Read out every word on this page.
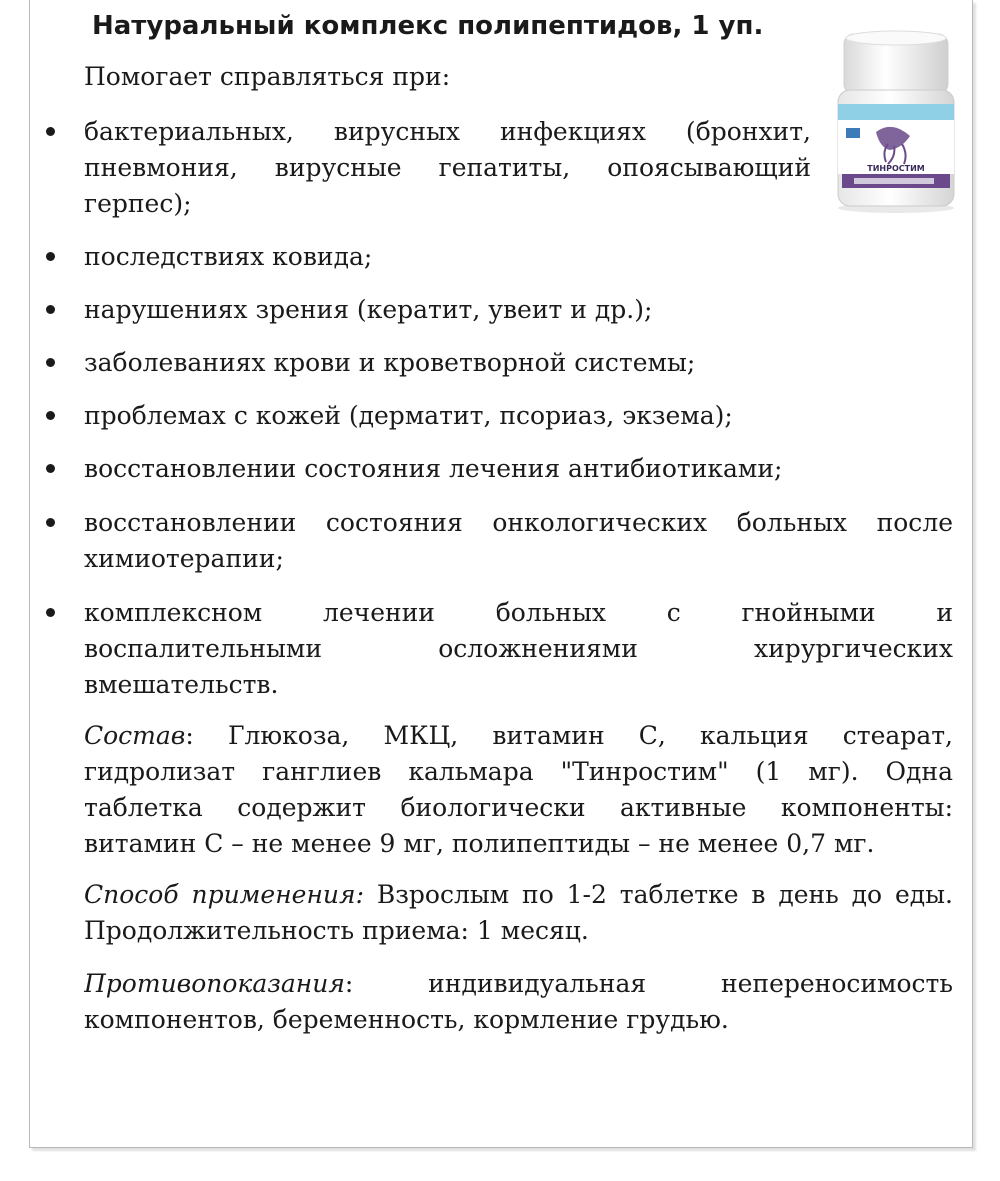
Натуральный комплекс полипептидов, 1 уп.
ТИНРОСТИМ
Помогает справляться при:
бактериальных, вирусных инфекциях (бронхит,
пневмония, вирусные гепатиты, опоясывающий
герпес);
последствиях ковида;
нарушениях зрения (кератит, увеит и др.);
заболеваниях крови и кроветворной системы;
проблемах с кожей (дерматит, псориаз, экзема);
восстановлении состояния лечения антибиотиками;
восстановлении состояния онкологических больных после
химиотерапии;
комплексном лечении больных с гнойными и
воспалительными осложнениями хирургических
вмешательств.
Состав: Глюкоза, МКЦ, витамин С, кальция стеарат,
гидролизат ганглиев кальмара "Тинростим" (1 мг). Одна
таблетка содержит биологически активные компоненты:
витамин С – не менее 9 мг, полипептиды – не менее 0,7 мг.
Способ применения: Взрослым по 1-2 таблетке в день до еды.
Продолжительность приема: 1 месяц.
Противопоказания: индивидуальная непереносимость
компонентов, беременность, кормление грудью.
